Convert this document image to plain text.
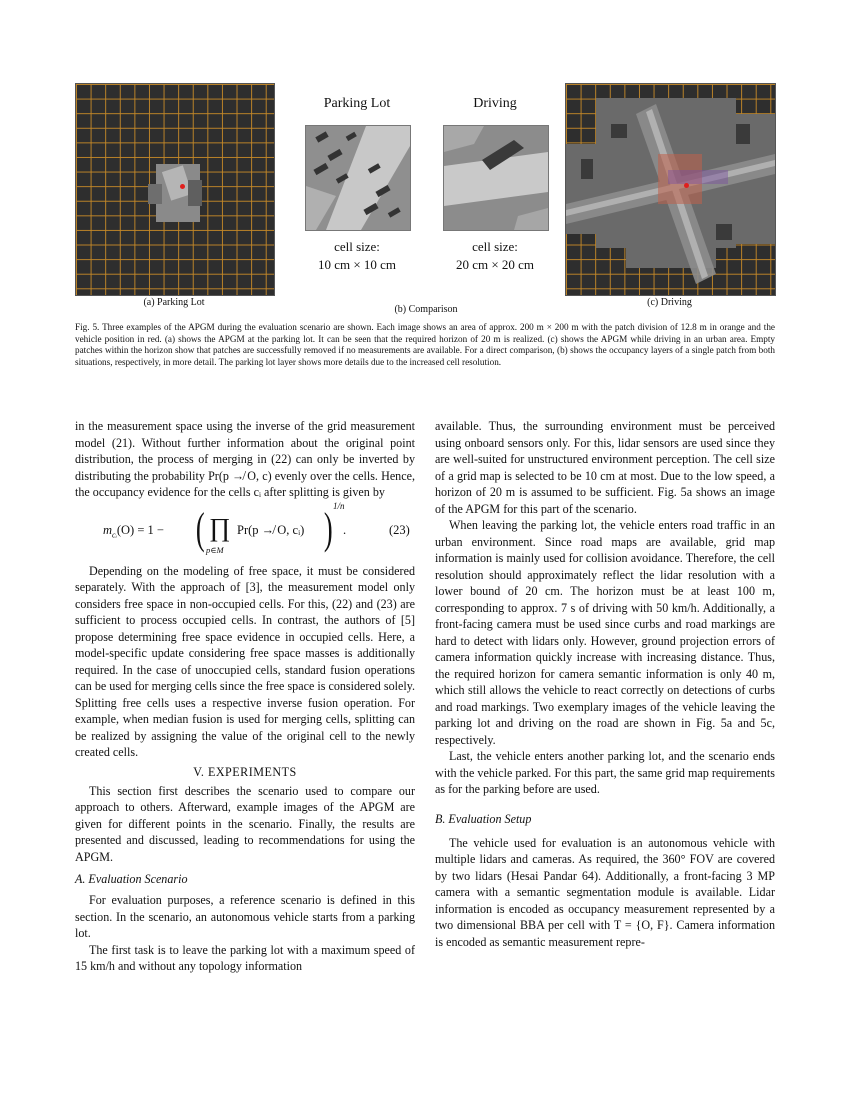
Parking Lot	Driving
cell size:
10 cm × 10 cm
cell size:
20 cm × 20 cm
(a) Parking Lot
(b) Comparison
(c) Driving
Fig. 5. Three examples of the APGM during the evaluation scenario are shown. Each image shows an area of approx. 200 m × 200 m with the patch division of 12.8 m in orange and the vehicle position in red. (a) shows the APGM at the parking lot. It can be seen that the required horizon of 20 m is realized. (c) shows the APGM while driving in an urban area. Empty patches within the horizon show that patches are successfully removed if no measurements are available. For a direct comparison, (b) shows the occupancy layers of a single patch from both situations, respectively, in more detail. The parking lot layer shows more details due to the increased cell resolution.

in the measurement space using the inverse of the grid measurement model (21). Without further information about the original point distribution, the process of merging in (22) can only be inverted by distributing the probability Pr(p ↛ O, c) evenly over the cells. Hence, the occupancy evidence for the cells cᵢ after splitting is given by

$m_{cᵢ}(O) = 1$ − ( ∏
p∈M
Pr(p ↛ O, cᵢ) ) 1/n
.	(23)

Depending on the modeling of free space, it must be considered separately. With the approach of [3], the measurement model only considers free space in non-occupied cells. For this, (22) and (23) are sufficient to process occupied cells. In contrast, the authors of [5] propose determining free space evidence in occupied cells. Here, a model-specific update considering free space masses is additionally required. In the case of unoccupied cells, standard fusion operations can be used for merging cells since the free space is considered solely. Splitting free cells uses a respective inverse fusion operation. For example, when median fusion is used for merging cells, splitting can be realized by assigning the value of the original cell to the newly created cells.

V. EXPERIMENTS

This section first describes the scenario used to compare our approach to others. Afterward, example images of the APGM are given for different points in the scenario. Finally, the results are presented and discussed, leading to recommendations for using the APGM.

A. Evaluation Scenario

For evaluation purposes, a reference scenario is defined in this section. In the scenario, an autonomous vehicle starts from a parking lot.

The first task is to leave the parking lot with a maximum speed of 15 km/h and without any topology information

available. Thus, the surrounding environment must be perceived using onboard sensors only. For this, lidar sensors are used since they are well-suited for unstructured environment perception. The cell size of a grid map is selected to be 10 cm at most. Due to the low speed, a horizon of 20 m is assumed to be sufficient. Fig. 5a shows an image of the APGM for this part of the scenario.

When leaving the parking lot, the vehicle enters road traffic in an urban environment. Since road maps are available, grid map information is mainly used for collision avoidance. Therefore, the cell resolution should approximately reflect the lidar resolution with a lower bound of 20 cm. The horizon must be at least 100 m, corresponding to approx. 7 s of driving with 50 km/h. Additionally, a front-facing camera must be used since curbs and road markings are hard to detect with lidars only. However, ground projection errors of camera information quickly increase with increasing distance. Thus, the required horizon for camera semantic information is only 40 m, which still allows the vehicle to react correctly on detections of curbs and road markings. Two exemplary images of the vehicle leaving the parking lot and driving on the road are shown in Fig. 5a and 5c, respectively.

Last, the vehicle enters another parking lot, and the scenario ends with the vehicle parked. For this part, the same grid map requirements as for the parking before are used.

B. Evaluation Setup

The vehicle used for evaluation is an autonomous vehicle with multiple lidars and cameras. As required, the 360° FOV are covered by two lidars (Hesai Pandar 64). Additionally, a front-facing 3 MP camera with a semantic segmentation module is available. Lidar information is encoded as occupancy measurement represented by a two dimensional BBA per cell with T = {O, F}. Camera information is encoded as semantic measurement repre-
